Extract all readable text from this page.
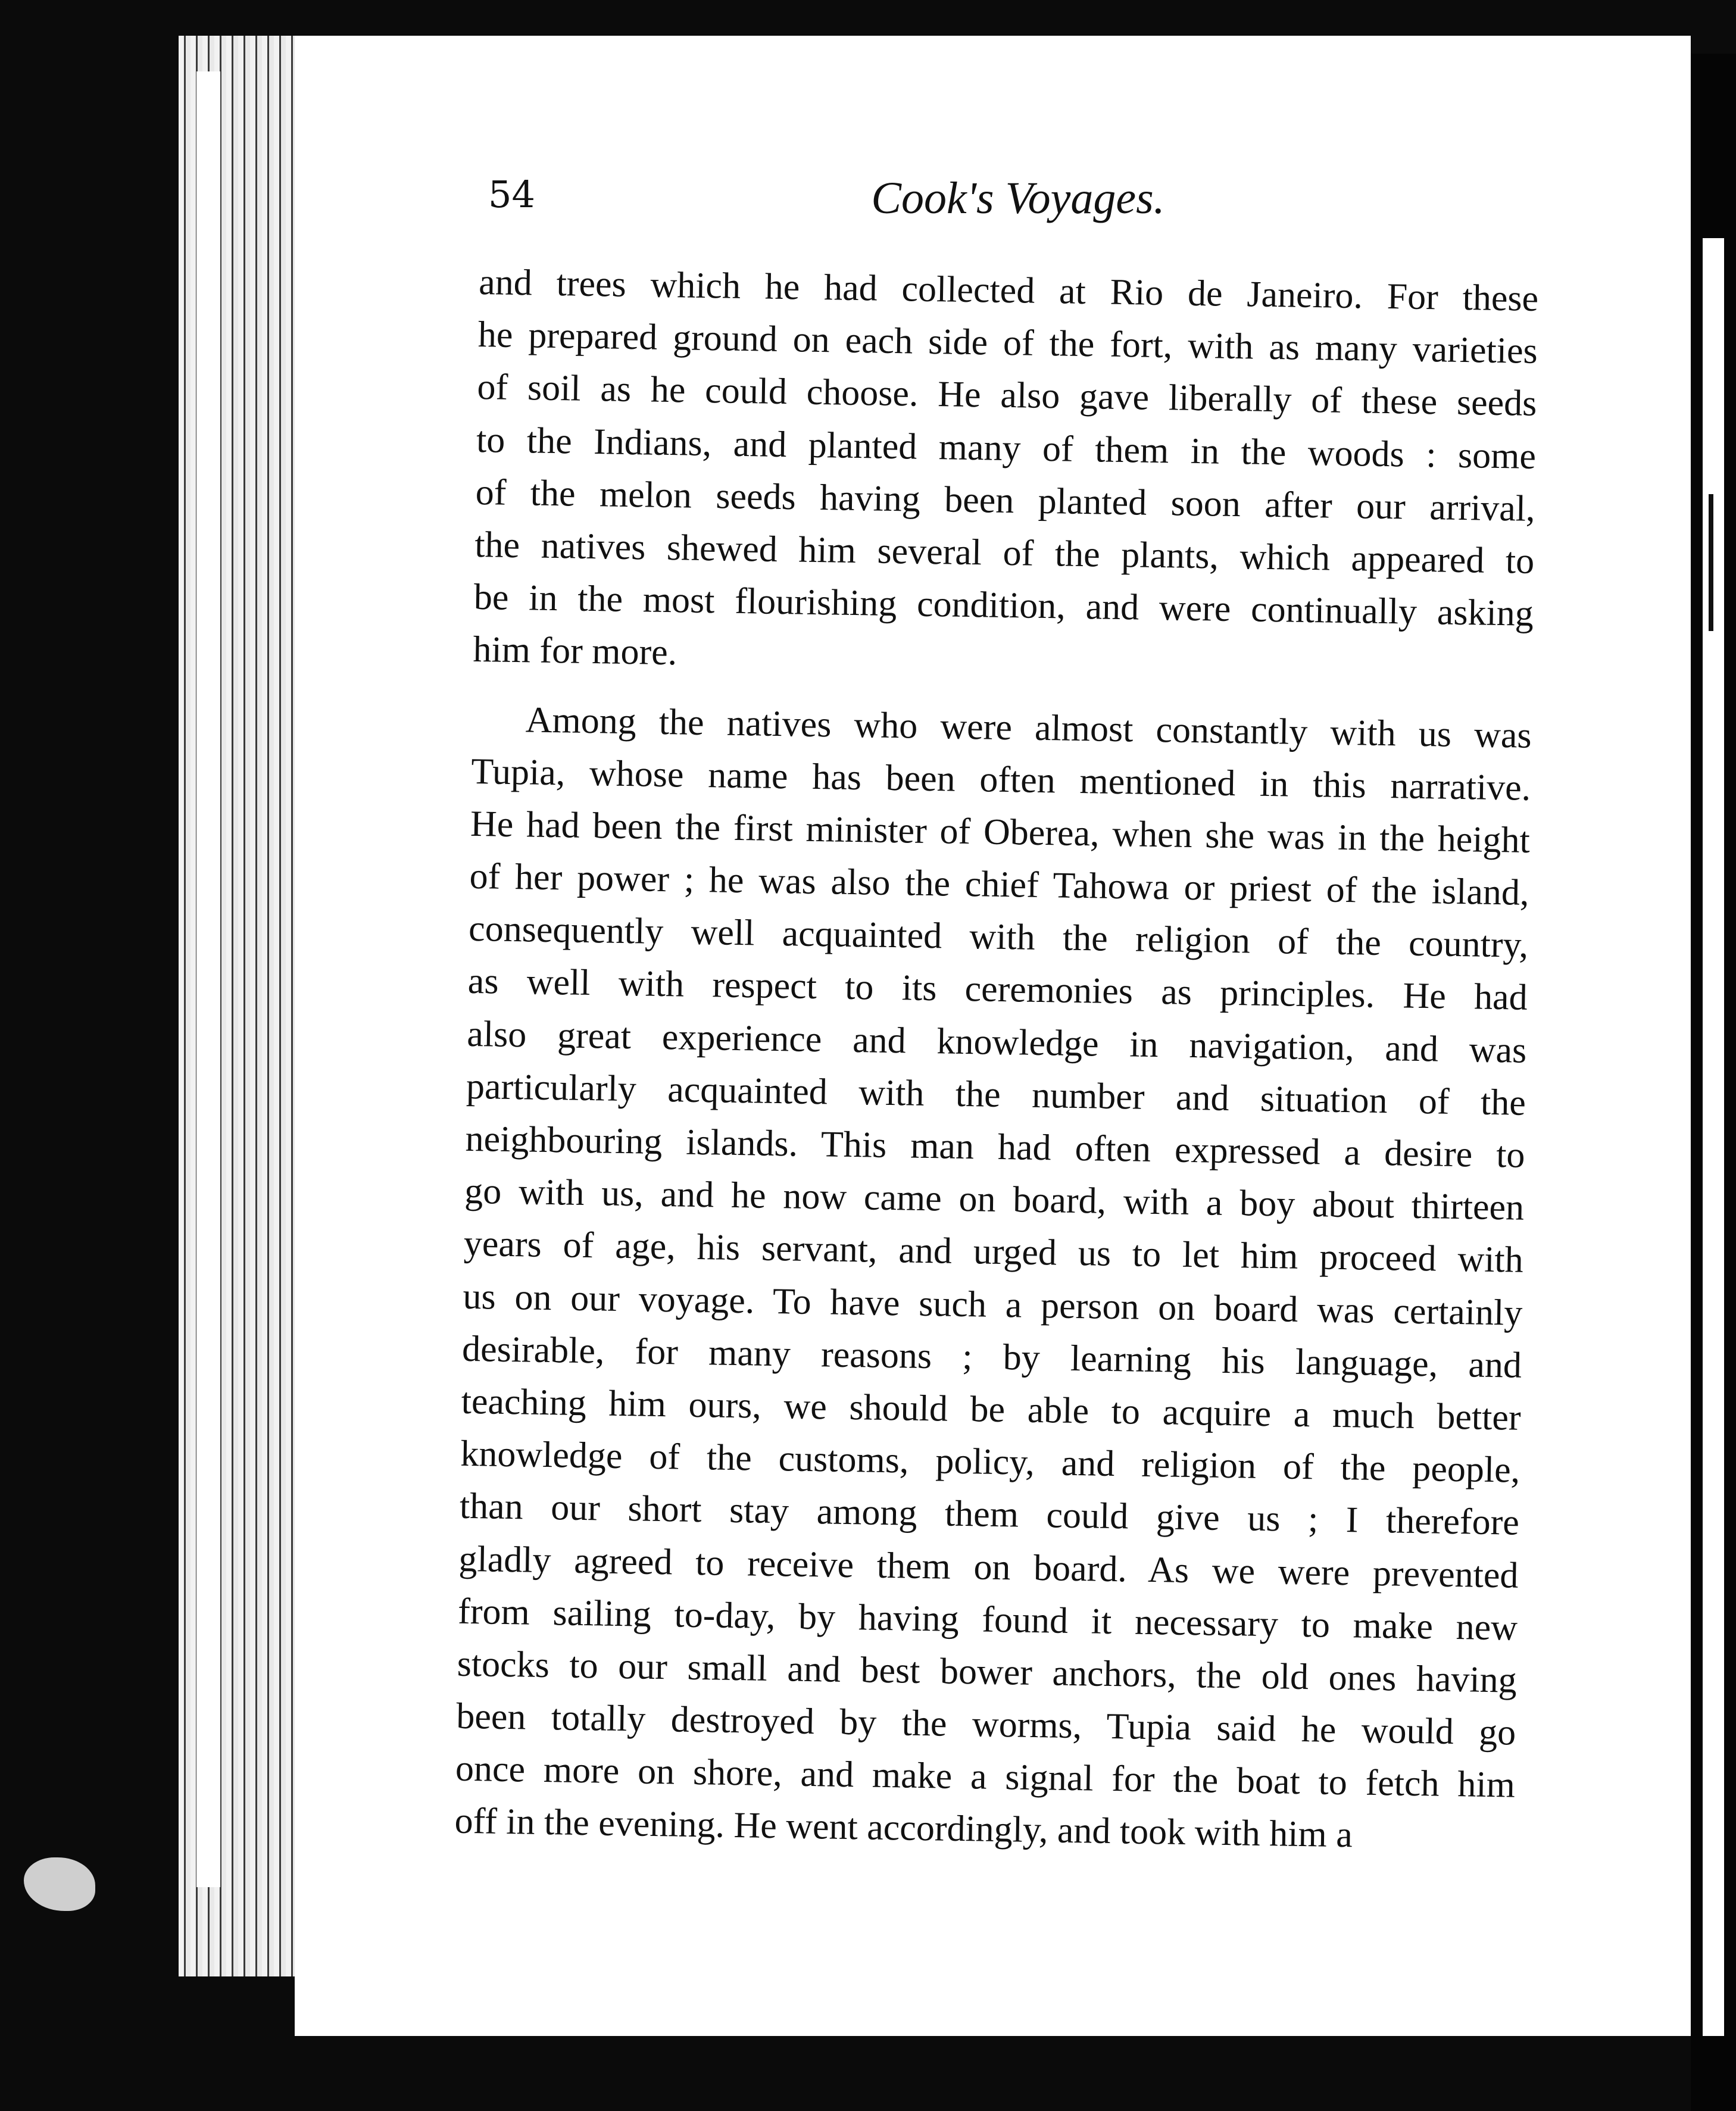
54	Cook's Voyages.
and trees which he had collected at Rio de Janeiro. For these
he prepared ground on each side of the fort, with as many varieties
of soil as he could choose. He also gave liberally of these seeds
to the Indians, and planted many of them in the woods : some
of the melon seeds having been planted soon after our arrival,
the natives shewed him several of the plants, which appeared to
be in the most flourishing condition, and were continually asking
him for more.
Among the natives who were almost constantly with us was
Tupia, whose name has been often mentioned in this narrative.
He had been the first minister of Oberea, when she was in the height
of her power ; he was also the chief Tahowa or priest of the island,
consequently well acquainted with the religion of the country,
as well with respect to its ceremonies as principles. He had
also great experience and knowledge in navigation, and was
particularly acquainted with the number and situation of the
neighbouring islands. This man had often expressed a desire to
go with us, and he now came on board, with a boy about thirteen
years of age, his servant, and urged us to let him proceed with
us on our voyage. To have such a person on board was certainly
desirable, for many reasons ; by learning his language, and
teaching him ours, we should be able to acquire a much better
knowledge of the customs, policy, and religion of the people,
than our short stay among them could give us ; I therefore
gladly agreed to receive them on board. As we were prevented
from sailing to-day, by having found it necessary to make new
stocks to our small and best bower anchors, the old ones having
been totally destroyed by the worms, Tupia said he would go
once more on shore, and make a signal for the boat to fetch him
off in the evening. He went accordingly, and took with him a
